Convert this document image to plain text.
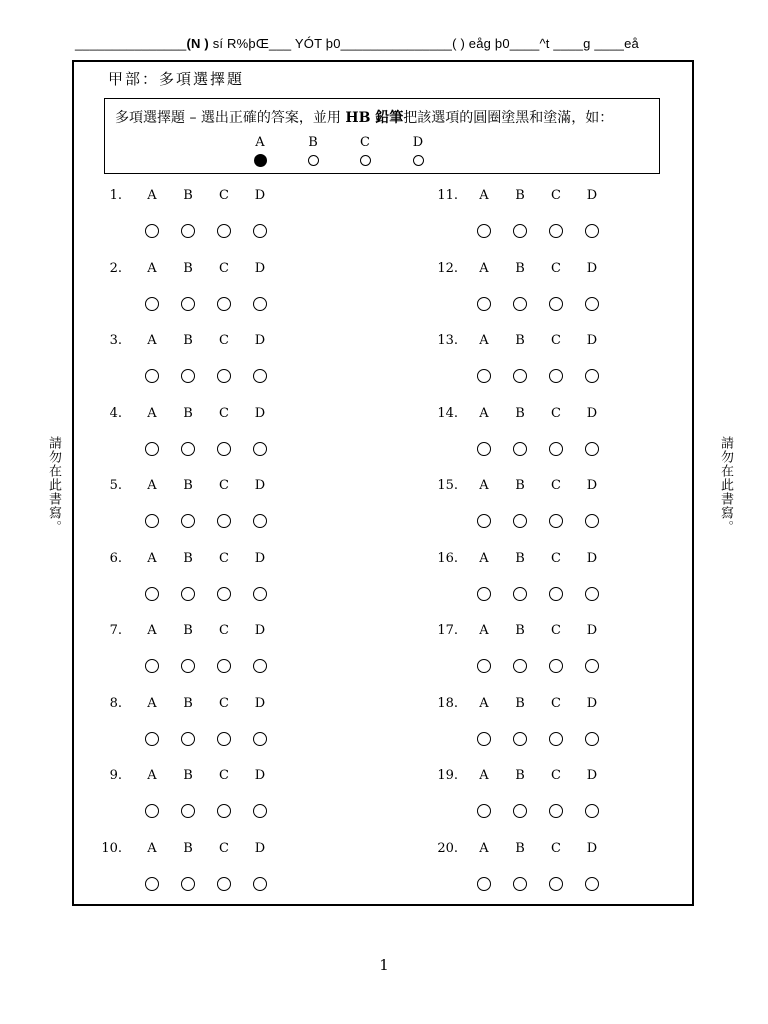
_______________(N ) sí R%þŒ___ YÓT þ0_______________( ) eåg þ0____^t ____g ____eå
請勿在此書寫。	請勿在此書寫。
甲部：多項選擇題
多項選擇題 – 選出正確的答案，並用 HB 鉛筆把該選項的圓圈塗黑和塗滿，如：
A	B	C	D
1. A B C D
2. A B C D
3. A B C D
4. A B C D
5. A B C D
6. A B C D
7. A B C D
8. A B C D
9. A B C D
10. A B C D
11. A B C D
12. A B C D
13. A B C D
14. A B C D
15. A B C D
16. A B C D
17. A B C D
18. A B C D
19. A B C D
20. A B C D
1
